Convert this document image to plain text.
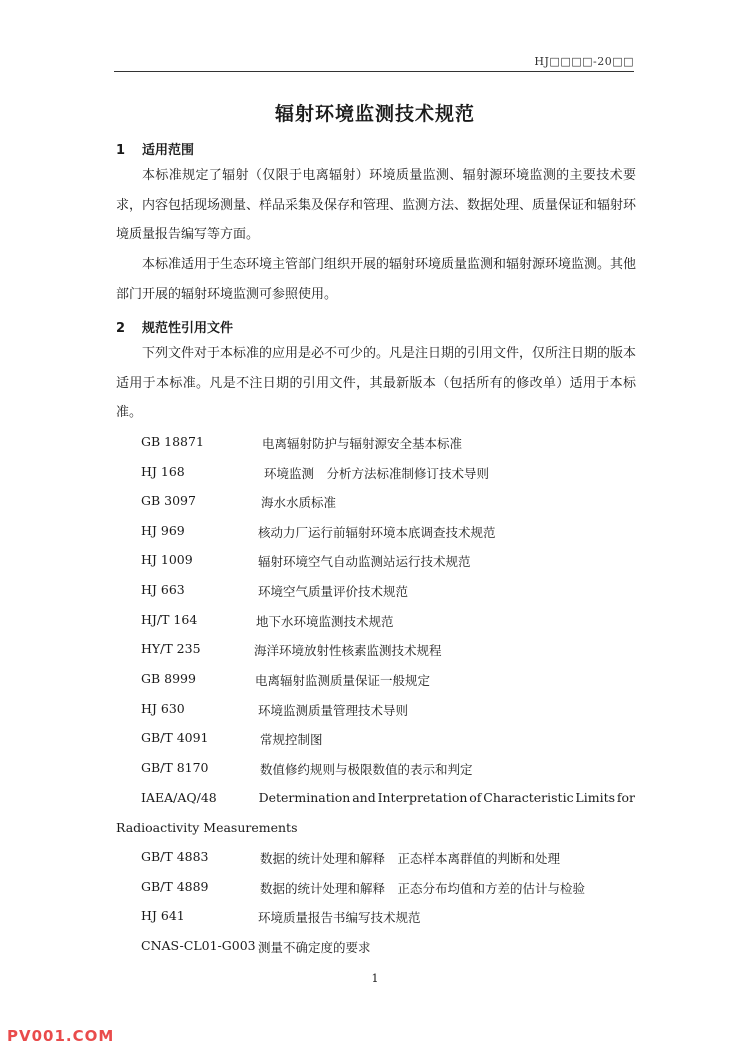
HJ□□□□-20□□
辐射环境监测技术规范
1 适用范围
本标准规定了辐射（仅限于电离辐射）环境质量监测、辐射源环境监测的主要技术要求，内容包括现场测量、样品采集及保存和管理、监测方法、数据处理、质量保证和辐射环境质量报告编写等方面。
本标准适用于生态环境主管部门组织开展的辐射环境质量监测和辐射源环境监测。其他部门开展的辐射环境监测可参照使用。
2 规范性引用文件
下列文件对于本标准的应用是必不可少的。凡是注日期的引用文件，仅所注日期的版本适用于本标准。凡是不注日期的引用文件，其最新版本（包括所有的修改单）适用于本标准。
GB 18871	电离辐射防护与辐射源安全基本标准
HJ 168	环境监测　分析方法标准制修订技术导则
GB 3097	海水水质标准
HJ 969	核动力厂运行前辐射环境本底调查技术规范
HJ 1009	辐射环境空气自动监测站运行技术规范
HJ 663	环境空气质量评价技术规范
HJ/T 164	地下水环境监测技术规范
HY/T 235	海洋环境放射性核素监测技术规程
GB 8999	电离辐射监测质量保证一般规定
HJ 630	环境监测质量管理技术导则
GB/T 4091	常规控制图
GB/T 8170	数值修约规则与极限数值的表示和判定
IAEA/AQ/48	Determination and Interpretation of Characteristic Limits for
Radioactivity Measurements
GB/T 4883	数据的统计处理和解释　正态样本离群值的判断和处理
GB/T 4889	数据的统计处理和解释　正态分布均值和方差的估计与检验
HJ 641	环境质量报告书编写技术规范
CNAS-CL01-G003 测量不确定度的要求
1
PV001.COM
